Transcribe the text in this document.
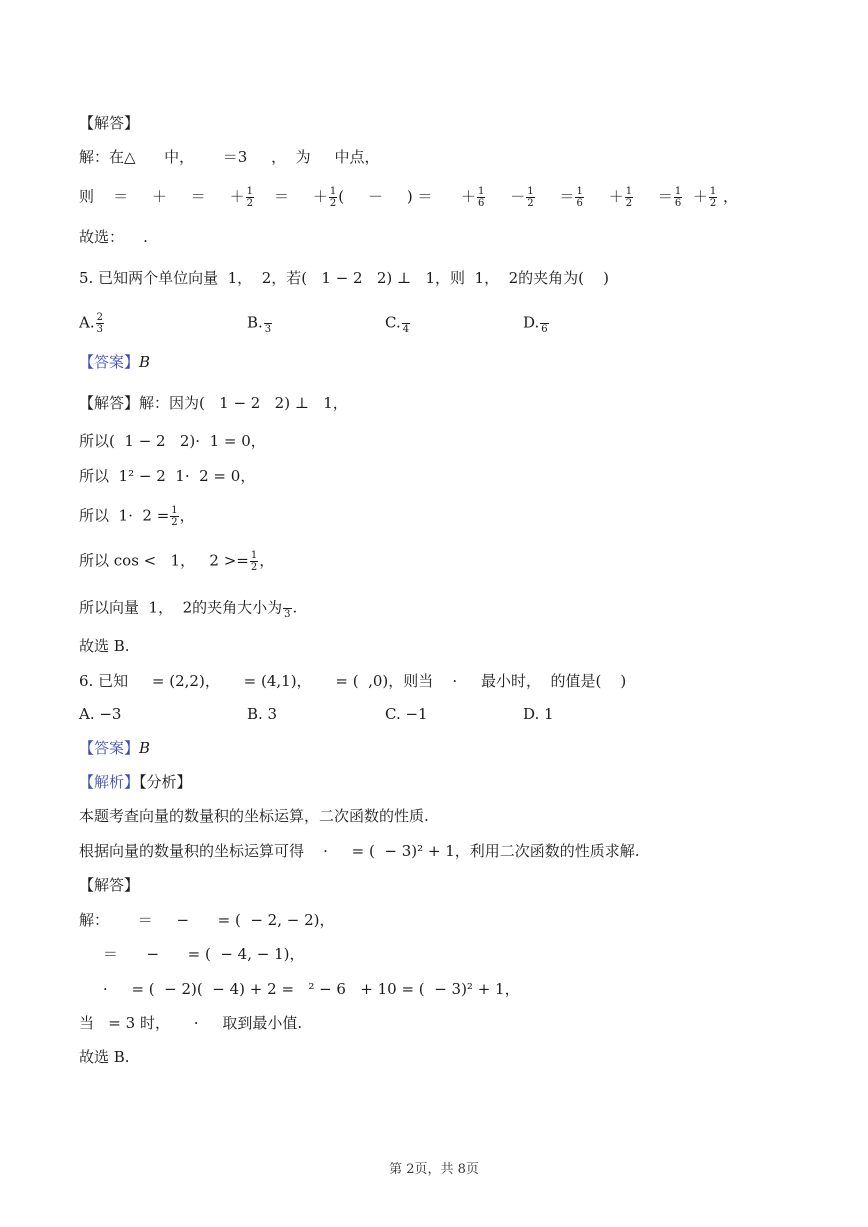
【解答】
解：在△      中，      ＝3     ，  为     中点，
则    ＝     ＋     ＝     ＋ $\frac{1}{2}$ ＝     ＋ $\frac{1}{2}$ (     －     ) ＝      ＋ $\frac{1}{6} - \frac{1}{2} = \frac{1}{6} + \frac{1}{2} = \frac{1}{6} + \frac{1}{2}$ ，
故选：    .
5. 已知两个单位向量  1，  2，若(   1 − 2   2) ⊥   1，则  1，  2的夹角为(    )
A. $\frac{2}{3}$	B.
3	C.
4	D.
6
【答案】B
【解答】解：因为(   1 − 2   2) ⊥   1，
所以(  1 − 2   2)·  1 = 0，
所以  1² − 2  1·  2 = 0，
所以  $1\cdot 2 = \frac{1}{2}$ ，
所以 cos <   1，   $2 >= \frac{1}{2}$ ，
所以向量  1，  2的夹角大小为
3 .
故选 B.
6. 已知     = (2,2)，     = (4,1)，     = (  ,0)，则当    ·     最小时，  的值是(    )
A. −3	B. 3	C. −1	D. 1
【答案】B
【解析】【分析】
本题考查向量的数量积的坐标运算，二次函数的性质.
根据向量的数量积的坐标运算可得    ·     = (  − 3)² + 1，利用二次函数的性质求解.
【解答】
解：      ＝     −      = (  − 2, − 2)，
＝      −      = (  − 4, − 1)，
·     = (  − 2)(  − 4) + 2 =   ² − 6   + 10 = (  − 3)² + 1，
当   = 3 时，     ·     取到最小值.
故选 B.
第 2页，共 8页
